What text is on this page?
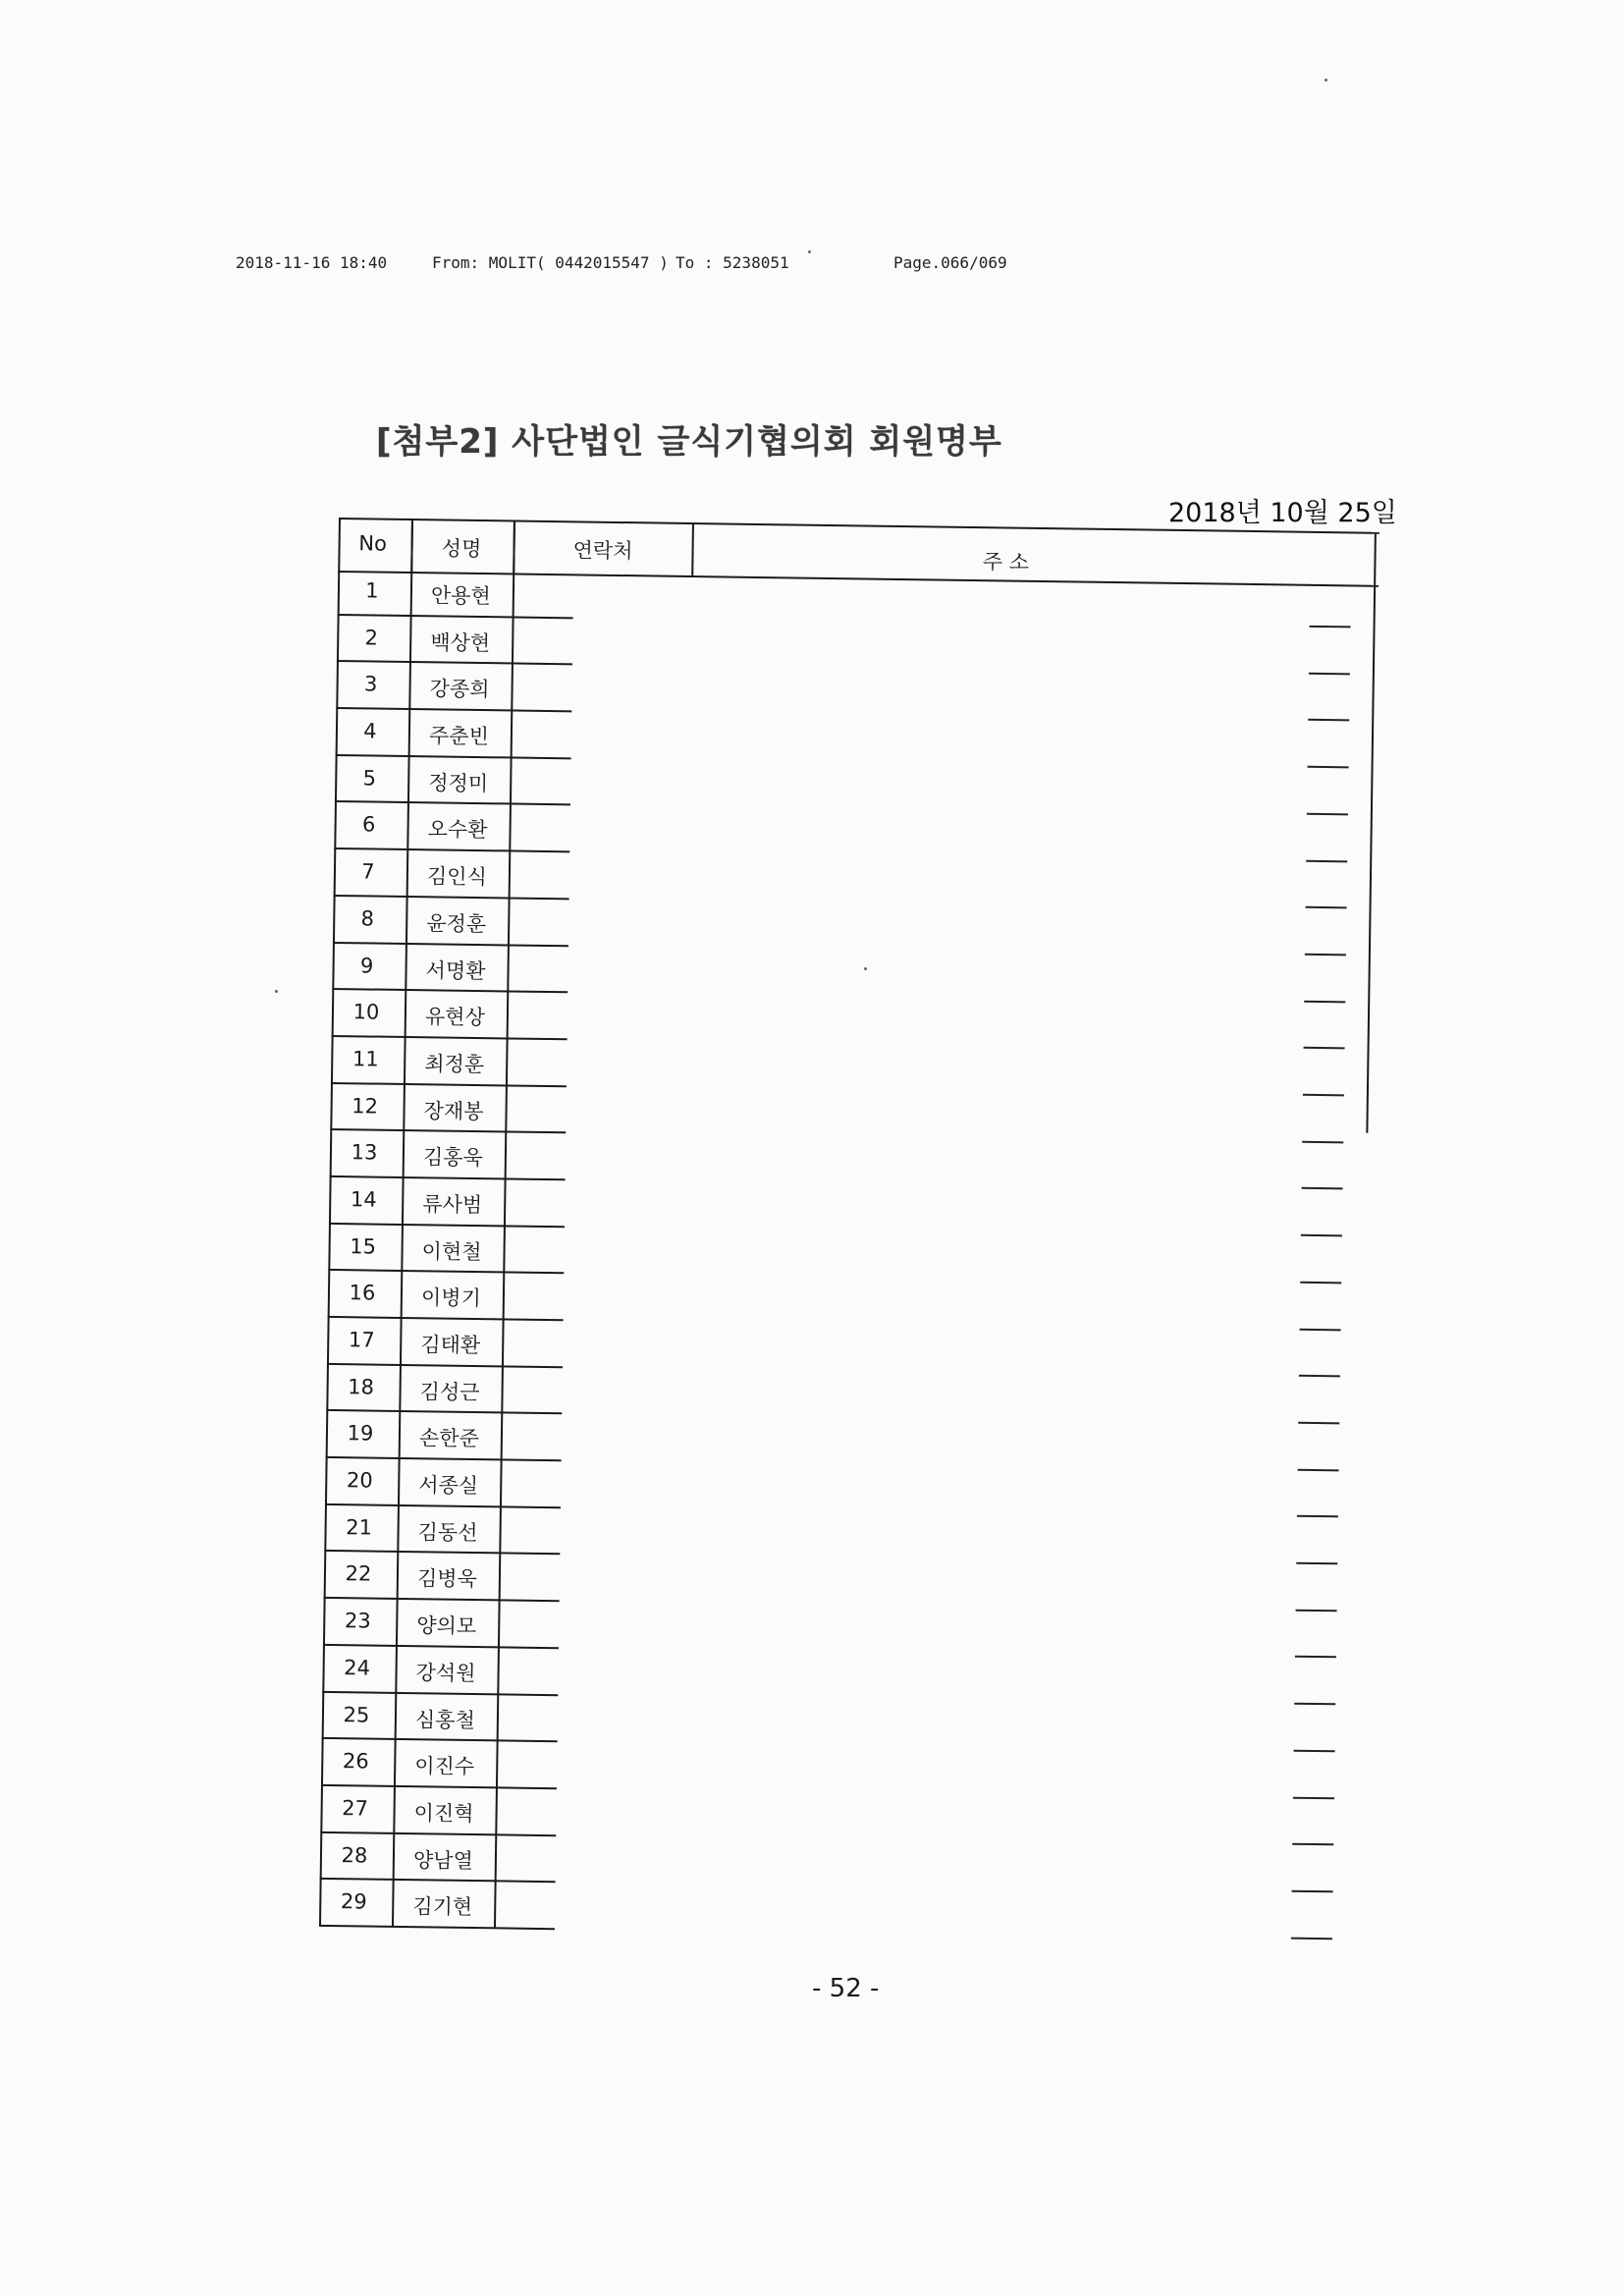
2018-11-16 18:40	From: MOLIT( 0442015547 ) To : 5238051	Page.066/069
[첨부2] 사단법인 글식기협의회 회원명부
2018년 10월 25일
No	성명	연락처	주 소
1	안용현
2	백상현
3	강종희
4	주춘빈
5	정정미
6	오수환
7	김인식
8	윤정훈
9	서명환
10	유현상
11	최정훈
12	장재봉
13	김홍욱
14	류사범
15	이현철
16	이병기
17	김태환
18	김성근
19	손한준
20	서종실
21	김동선
22	김병욱
23	양의모
24	강석원
25	심홍철
26	이진수
27	이진혁
28	양남열
29	김기현
- 52 -
